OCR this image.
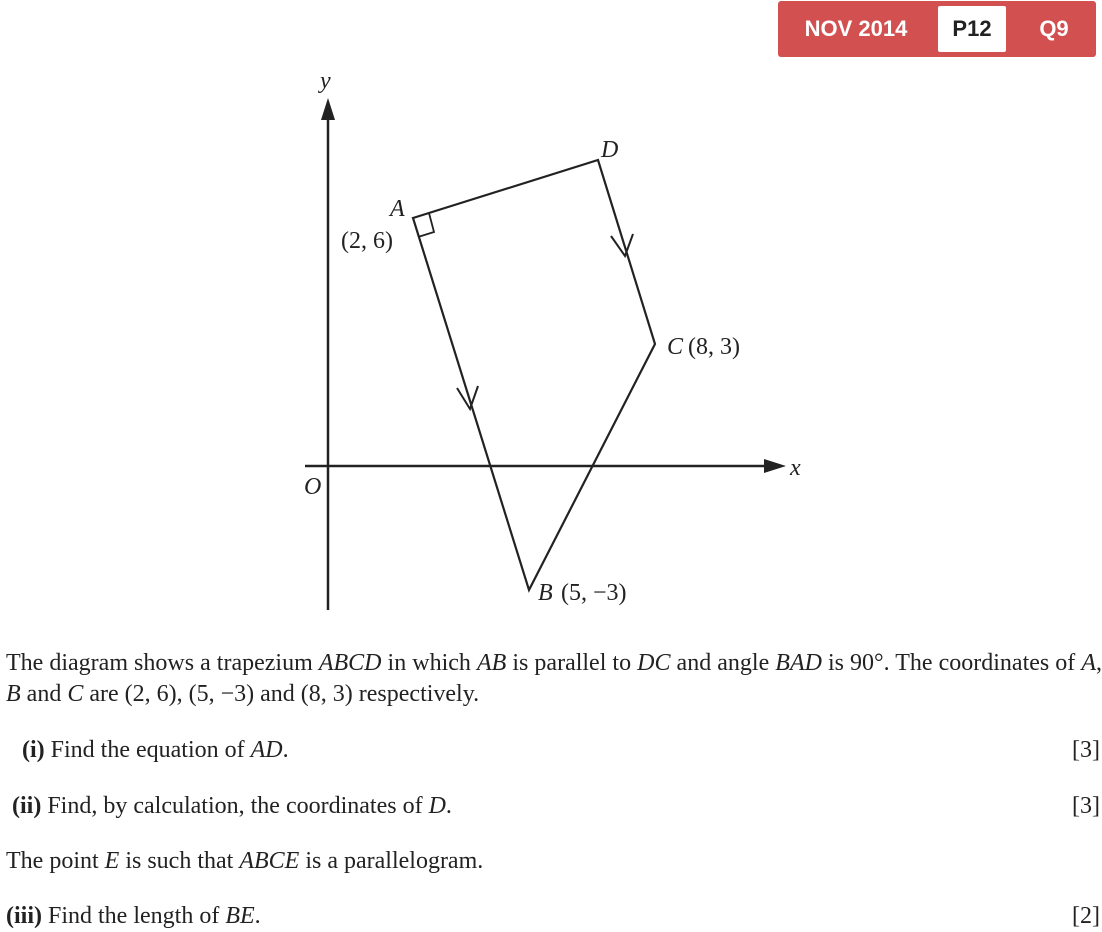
NOV 2014	P12	Q9
y
x
O
A
(2, 6)
D
C (8, 3)
B (5, −3)
The diagram shows a trapezium ABCD in which AB is parallel to DC and angle BAD is 90°. The coordinates of A, B and C are (2, 6), (5, −3) and (8, 3) respectively.
(i) Find the equation of AD.	[3]
(ii) Find, by calculation, the coordinates of D.	[3]
The point E is such that ABCE is a parallelogram.
(iii) Find the length of BE.	[2]
